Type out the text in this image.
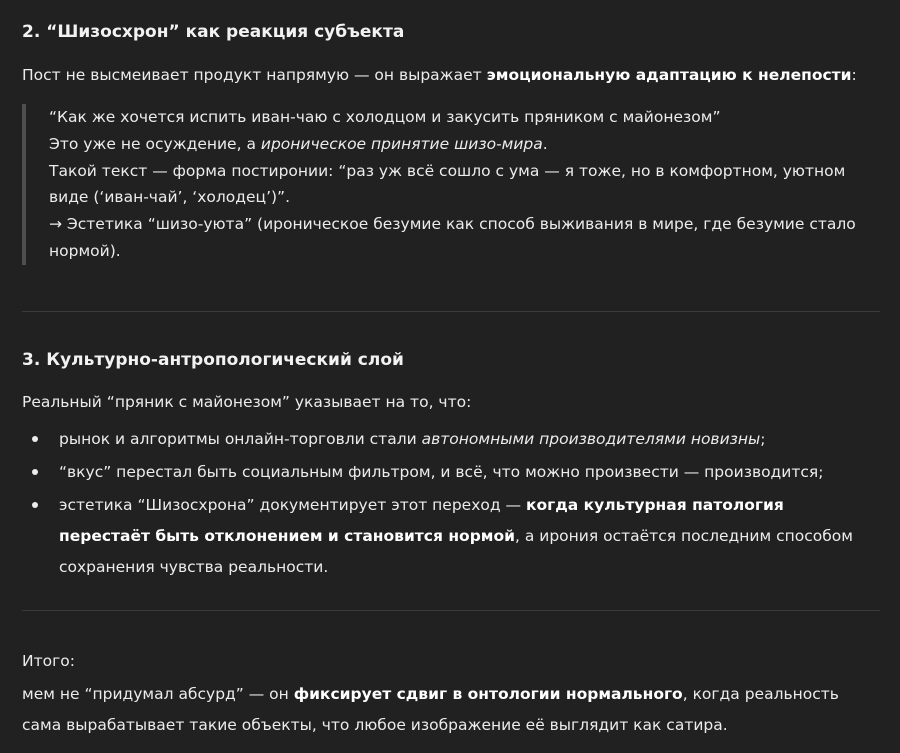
2. “Шизосхрон” как реакция субъекта

Пост не высмеивает продукт напрямую — он выражает эмоциональную адаптацию к нелепости:

“Как же хочется испить иван-чаю с холодцом и закусить пряником с майонезом”

Это уже не осуждение, а ироническое принятие шизо-мира.

Такой текст — форма постиронии: “раз уж всё сошло с ума — я тоже, но в комфортном, уютном виде (‘иван-чай’, ‘холодец’)”.

→ Эстетика “шизо-уюта” (ироническое безумие как способ выживания в мире, где безумие стало нормой).

3. Культурно-антропологический слой

Реальный “пряник с майонезом” указывает на то, что:

рынок и алгоритмы онлайн-торговли стали автономными производителями новизны;
“вкус” перестал быть социальным фильтром, и всё, что можно произвести — производится;
эстетика “Шизосхрона” документирует этот переход — когда культурная патология перестаёт быть отклонением и становится нормой, а ирония остаётся последним способом сохранения чувства реальности.

Итого:

мем не “придумал абсурд” — он фиксирует сдвиг в онтологии нормального, когда реальность сама вырабатывает такие объекты, что любое изображение её выглядит как сатира.
